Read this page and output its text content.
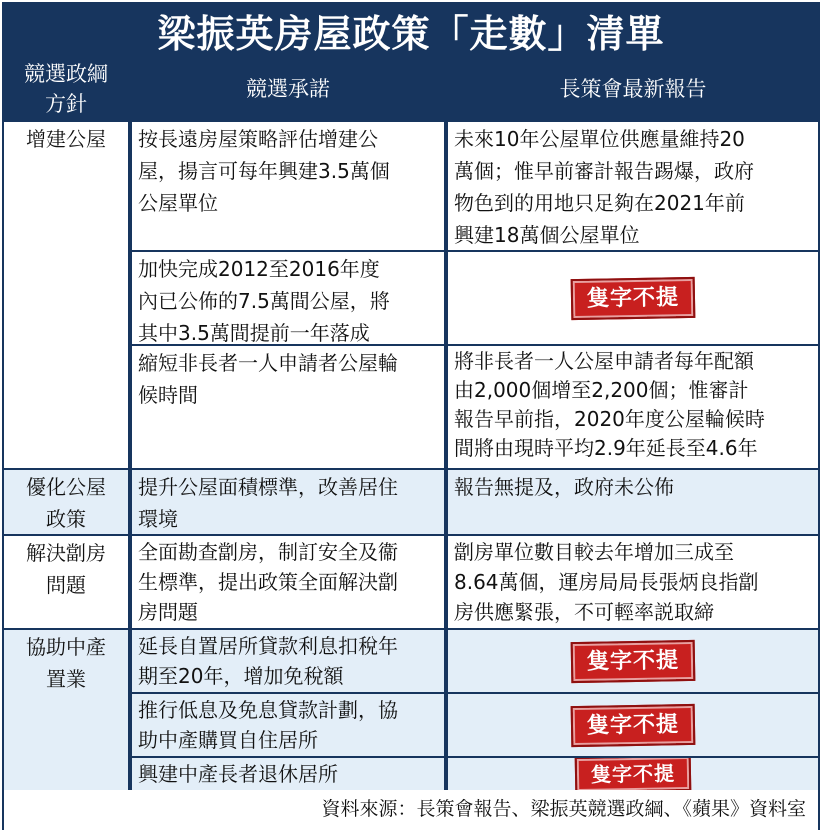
梁振英房屋政策「走數」清單
競選政綱
方針
競選承諾	長策會最新報告
增建公屋
優化公屋
政策
解決劏房
問題
協助中產
置業
按長遠房屋策略評估增建公
屋，揚言可每年興建3.5萬個
公屋單位
未來10年公屋單位供應量維持20
萬個；惟早前審計報告踢爆，政府
物色到的用地只足夠在2021年前
興建18萬個公屋單位
加快完成2012至2016年度
內已公佈的7.5萬間公屋，將
其中3.5萬間提前一年落成
隻字不提
縮短非長者一人申請者公屋輪
候時間
將非長者一人公屋申請者每年配額
由2,000個增至2,200個；惟審計
報告早前指，2020年度公屋輪候時
間將由現時平均2.9年延長至4.6年
提升公屋面積標準，改善居住
環境
報告無提及，政府未公佈
全面勘查劏房，制訂安全及衞
生標準，提出政策全面解決劏
房問題
劏房單位數目較去年增加三成至
8.64萬個，運房局局長張炳良指劏
房供應緊張，不可輕率説取締
延長自置居所貸款利息扣稅年
期至20年，增加免稅額
隻字不提
推行低息及免息貸款計劃，協
助中產購買自住居所
隻字不提
興建中產長者退休居所	隻字不提
資料來源：長策會報告、梁振英競選政綱、《蘋果》資料室
